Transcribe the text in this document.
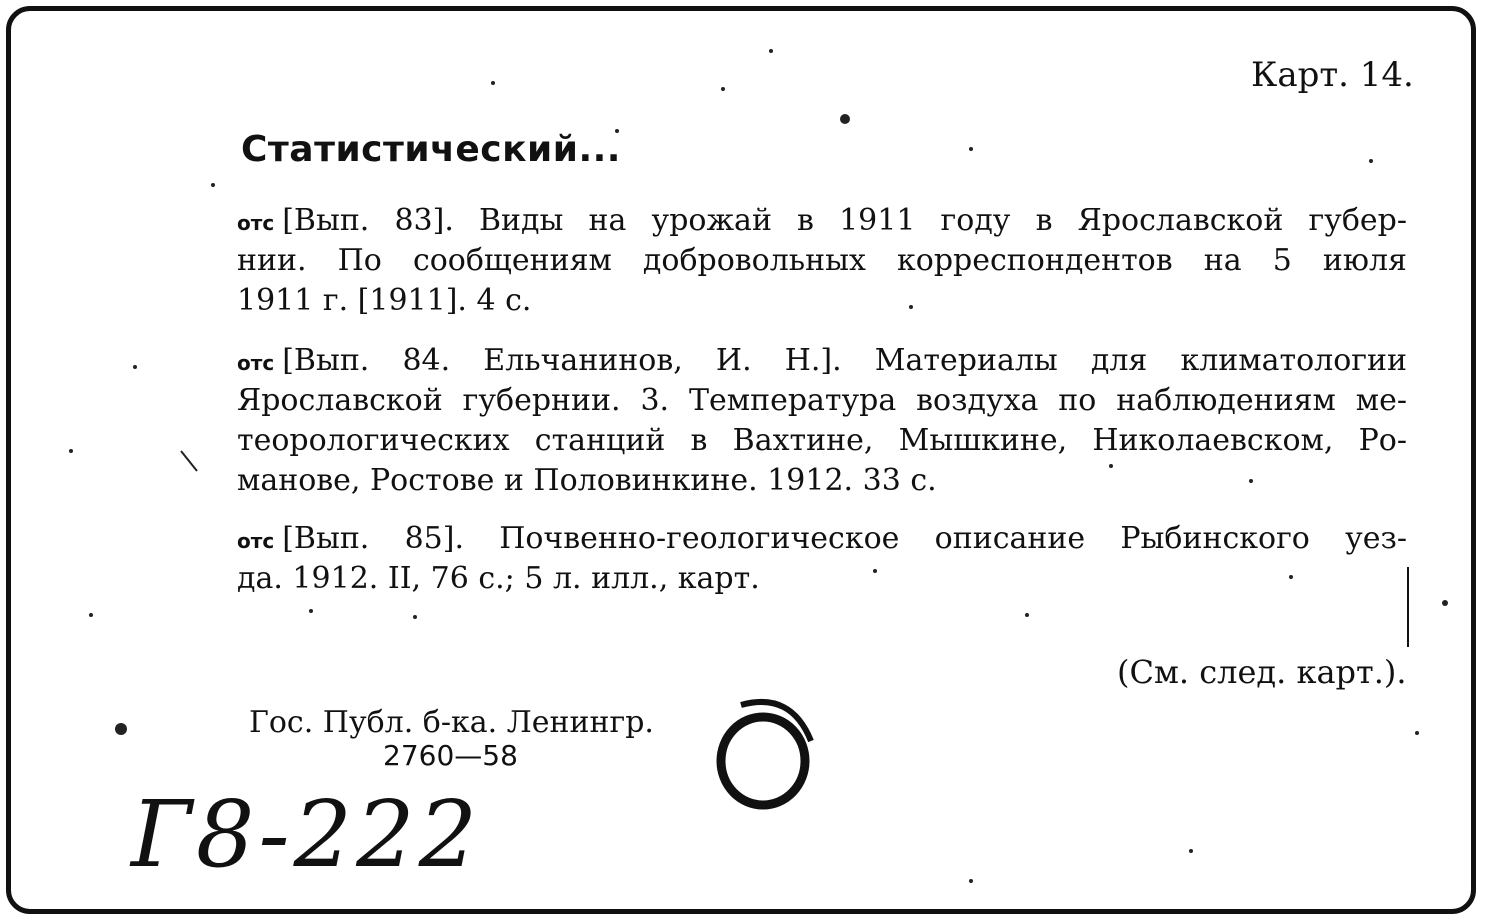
Карт. 14.
Статистический...
отс [Вып. 83]. Виды на урожай в 1911 году в Ярославской губер-
нии. По сообщениям добровольных корреспондентов на 5 июля
1911 г. [1911]. 4 с.
отс [Вып. 84. Ельчанинов, И. Н.]. Материалы для климатологии
Ярославской губернии. 3. Температура воздуха по наблюдениям ме-
теорологических станций в Вахтине, Мышкине, Николаевском, Ро-
манове, Ростове и Половинкине. 1912. 33 с.
отс [Вып. 85]. Почвенно-геологическое описание Рыбинского уез-
да. 1912. II, 76 с.; 5 л. илл., карт.
(См. след. карт.).
Гос. Публ. б-ка. Ленингр.
2760—58
Г8-222
